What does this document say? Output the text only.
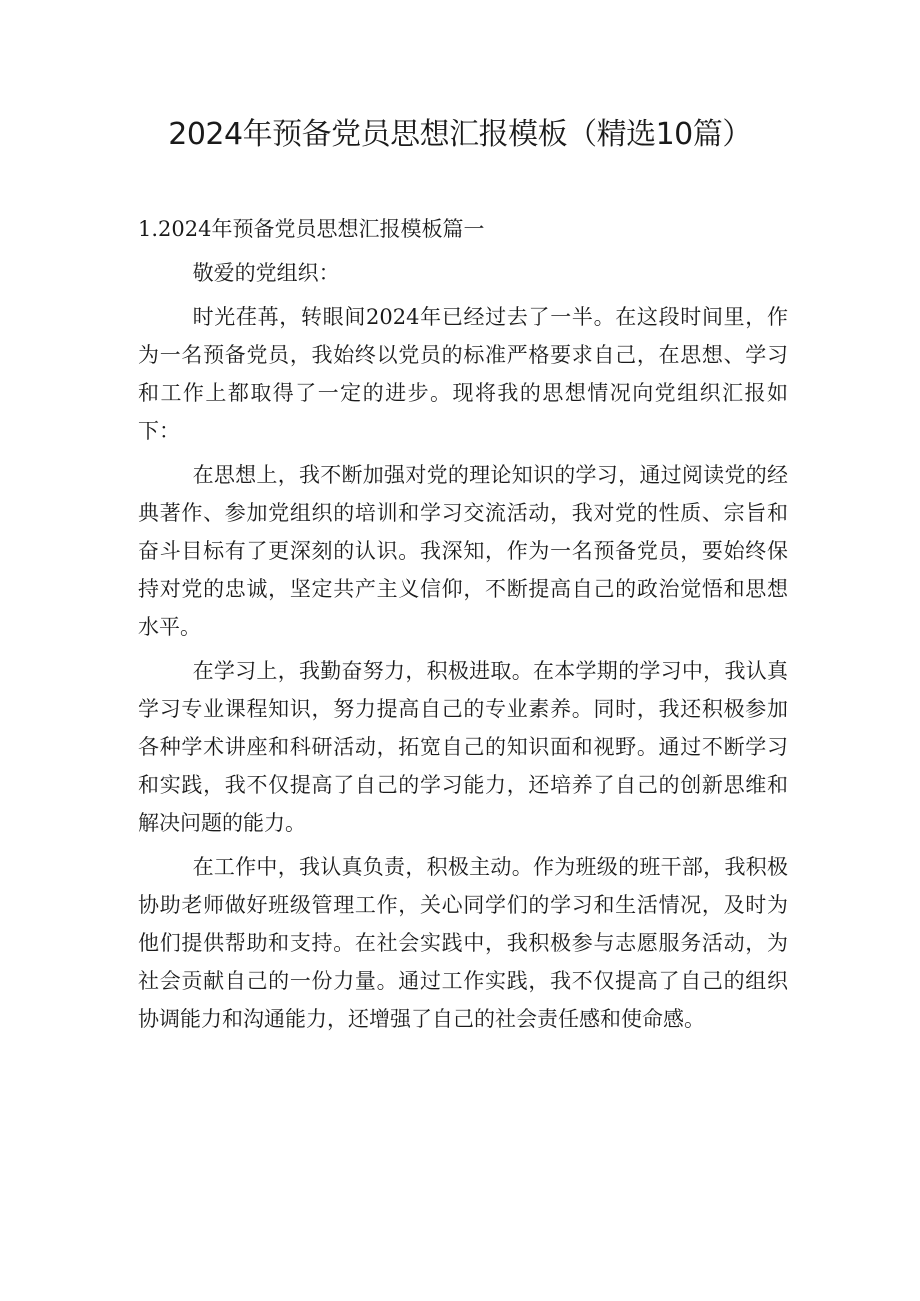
2024年预备党员思想汇报模板（精选10篇）

1.2024年预备党员思想汇报模板篇一

敬爱的党组织：

时光荏苒，转眼间2024年已经过去了一半。在这段时间里，作为一名预备党员，我始终以党员的标准严格要求自己，在思想、学习和工作上都取得了一定的进步。现将我的思想情况向党组织汇报如下：

在思想上，我不断加强对党的理论知识的学习，通过阅读党的经典著作、参加党组织的培训和学习交流活动，我对党的性质、宗旨和奋斗目标有了更深刻的认识。我深知，作为一名预备党员，要始终保持对党的忠诚，坚定共产主义信仰，不断提高自己的政治觉悟和思想水平。

在学习上，我勤奋努力，积极进取。在本学期的学习中，我认真学习专业课程知识，努力提高自己的专业素养。同时，我还积极参加各种学术讲座和科研活动，拓宽自己的知识面和视野。通过不断学习和实践，我不仅提高了自己的学习能力，还培养了自己的创新思维和解决问题的能力。

在工作中，我认真负责，积极主动。作为班级的班干部，我积极协助老师做好班级管理工作，关心同学们的学习和生活情况，及时为他们提供帮助和支持。在社会实践中，我积极参与志愿服务活动，为社会贡献自己的一份力量。通过工作实践，我不仅提高了自己的组织协调能力和沟通能力，还增强了自己的社会责任感和使命感。
